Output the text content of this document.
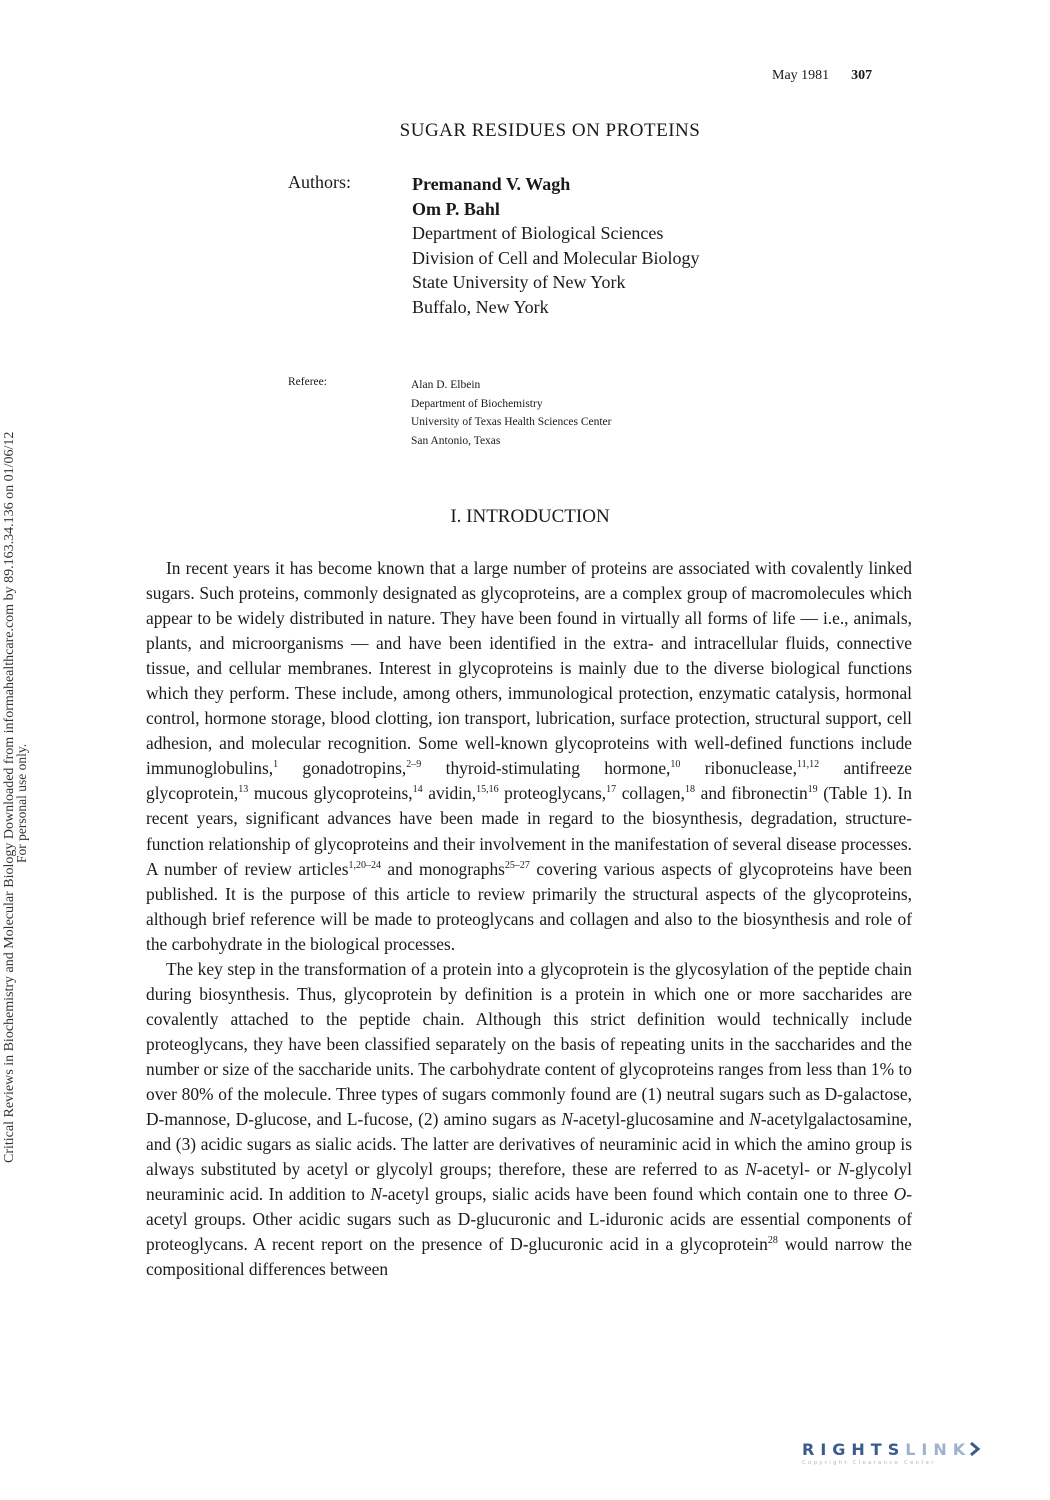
May 1981 307
SUGAR RESIDUES ON PROTEINS
Authors:	Premanand V. Wagh
Om P. Bahl
Department of Biological Sciences
Division of Cell and Molecular Biology
State University of New York
Buffalo, New York
Referee:	Alan D. Elbein
Department of Biochemistry
University of Texas Health Sciences Center
San Antonio, Texas
Critical Reviews in Biochemistry and Molecular Biology Downloaded from informahealthcare.com by 89.163.34.136 on 01/06/12
For personal use only.
I. INTRODUCTION

In recent years it has become known that a large number of proteins are associated with covalently linked sugars. Such proteins, commonly designated as glycoproteins, are a complex group of macromolecules which appear to be widely distributed in nature. They have been found in virtually all forms of life — i.e., animals, plants, and microorganisms — and have been identified in the extra- and intracellular fluids, connective tissue, and cellular membranes. Interest in glycoproteins is mainly due to the diverse biological functions which they perform. These include, among others, immunological protection, enzymatic catalysis, hormonal control, hormone storage, blood clotting, ion transport, lubrication, surface protection, structural support, cell adhesion, and molecular recognition. Some well-known glycoproteins with well-defined functions include immunoglobulins,$^1$ gonadotropins,$^{2-9}$ thyroid-stimulating hormone,$^{10}$ ribonuclease,$^{11,12}$ antifreeze glycoprotein,$^{13}$ mucous glycoproteins,$^{14}$ avidin,$^{15,16}$ proteoglycans,$^{17}$ collagen,$^{18}$ and fibronectin$^{19}$ (Table 1). In recent years, significant advances have been made in regard to the biosynthesis, degradation, structure-function relationship of glycoproteins and their involvement in the manifestation of several disease processes. A number of review articles$^{1,20-24}$ and monographs$^{25-27}$ covering various aspects of glycoproteins have been published. It is the purpose of this article to review primarily the structural aspects of the glycoproteins, although brief reference will be made to proteoglycans and collagen and also to the biosynthesis and role of the carbohydrate in the biological processes.

The key step in the transformation of a protein into a glycoprotein is the glycosylation of the peptide chain during biosynthesis. Thus, glycoprotein by definition is a protein in which one or more saccharides are covalently attached to the peptide chain. Although this strict definition would technically include proteoglycans, they have been classified separately on the basis of repeating units in the saccharides and the number or size of the saccharide units. The carbohydrate content of glycoproteins ranges from less than 1% to over 80% of the molecule. Three types of sugars commonly found are (1) neutral sugars such as D-galactose, D-mannose, D-glucose, and L-fucose, (2) amino sugars as N-acetyl-glucosamine and N-acetylgalactosamine, and (3) acidic sugars as sialic acids. The latter are derivatives of neuraminic acid in which the amino group is always substituted by acetyl or glycolyl groups; therefore, these are referred to as N-acetyl- or N-glycolyl neuraminic acid. In addition to N-acetyl groups, sialic acids have been found which contain one to three O-acetyl groups. Other acidic sugars such as D-glucuronic and L-iduronic acids are essential components of proteoglycans. A recent report on the presence of D-glucuronic acid in a glycoprotein$^{28}$ would narrow the compositional differences between

RIGHTSLINK
Copyright Clearance Center
